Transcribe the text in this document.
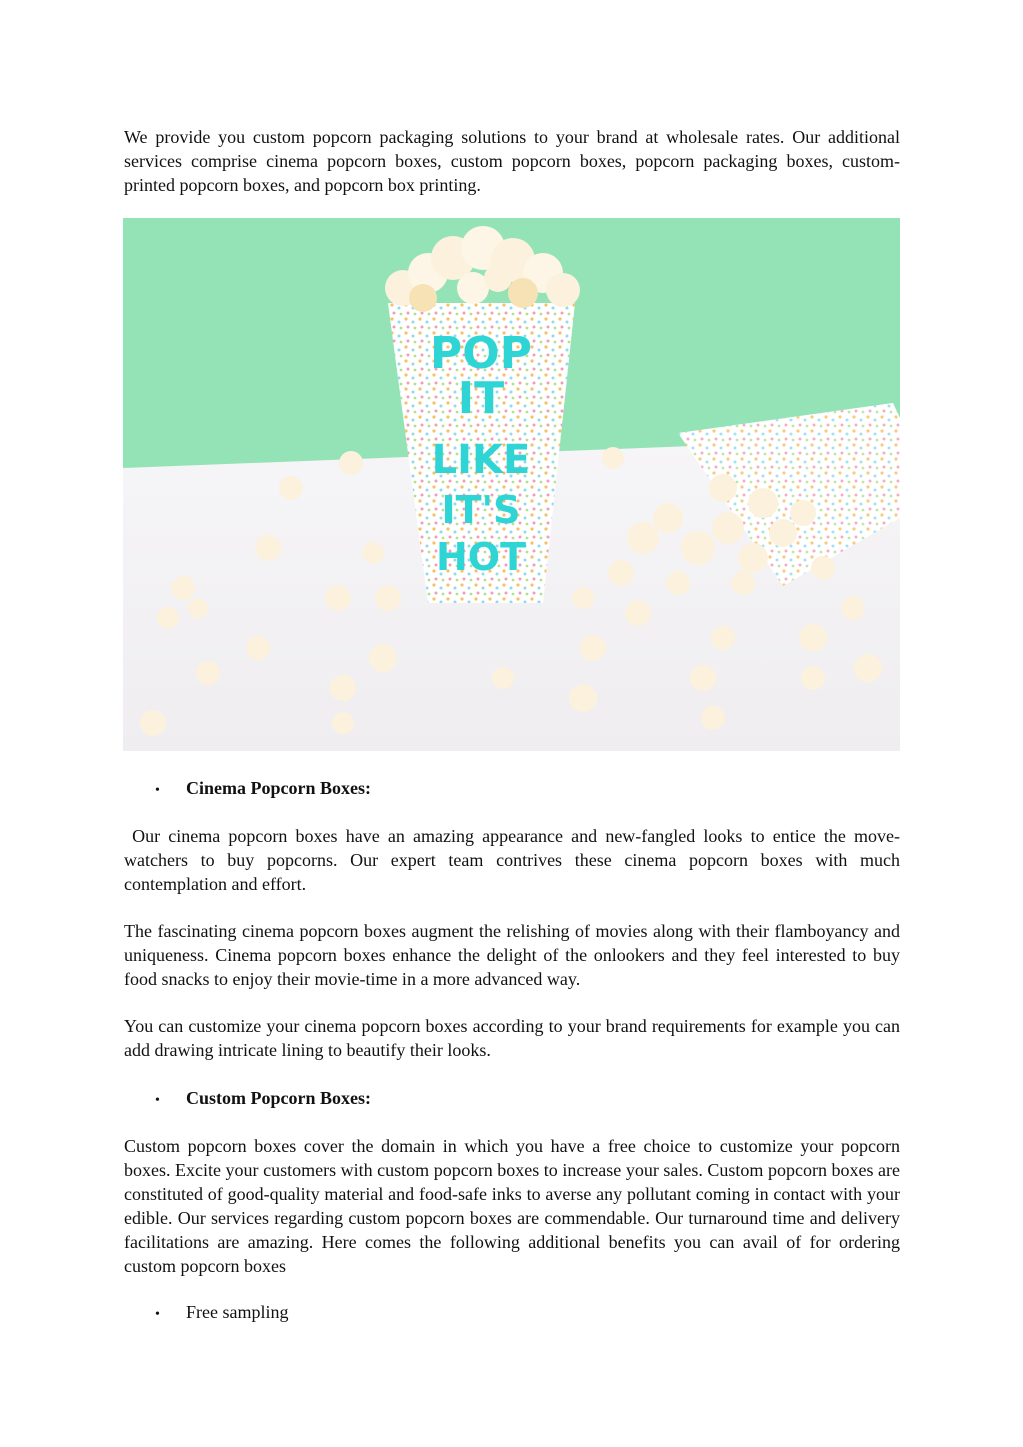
We provide you custom popcorn packaging solutions to your brand at wholesale rates. Our additional services comprise cinema popcorn boxes, custom popcorn boxes, popcorn packaging boxes, custom-printed popcorn boxes, and popcorn box printing.

POP
IT
LIKE
IT'S
HOT
•	Cinema Popcorn Boxes:

Our cinema popcorn boxes have an amazing appearance and new-fangled looks to entice the move-watchers to buy popcorns. Our expert team contrives these cinema popcorn boxes with much contemplation and effort.

The fascinating cinema popcorn boxes augment the relishing of movies along with their flamboyancy and uniqueness. Cinema popcorn boxes enhance the delight of the onlookers and they feel interested to buy food snacks to enjoy their movie-time in a more advanced way.

You can customize your cinema popcorn boxes according to your brand requirements for example you can add drawing intricate lining to beautify their looks.

•	Custom Popcorn Boxes:

Custom popcorn boxes cover the domain in which you have a free choice to customize your popcorn boxes. Excite your customers with custom popcorn boxes to increase your sales. Custom popcorn boxes are constituted of good-quality material and food-safe inks to averse any pollutant coming in contact with your edible. Our services regarding custom popcorn boxes are commendable. Our turnaround time and delivery facilitations are amazing. Here comes the following additional benefits you can avail of for ordering custom popcorn boxes

•	Free sampling
